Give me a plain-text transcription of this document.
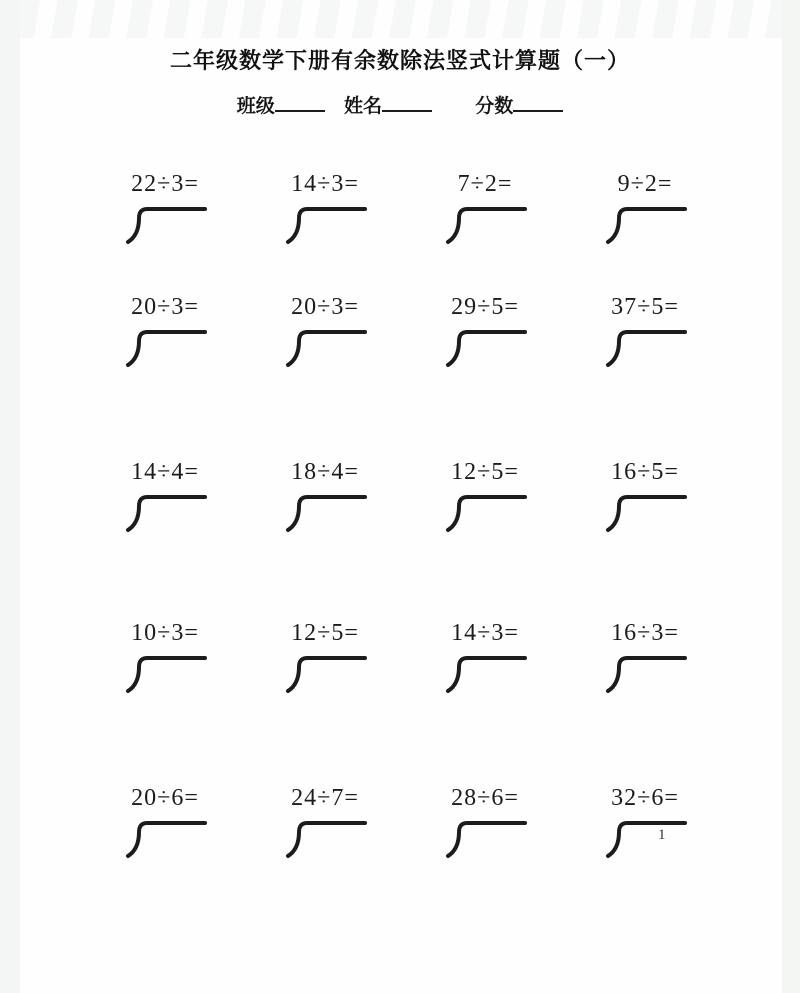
二年级数学下册有余数除法竖式计算题（一）
班级	姓名	分数
22÷3=	14÷3=	7÷2=	9÷2=
20÷3=	20÷3=	29÷5=	37÷5=
14÷4=	18÷4=	12÷5=	16÷5=
10÷3=	12÷5=	14÷3=	16÷3=
20÷6=	24÷7=	28÷6=	32÷6=
1
